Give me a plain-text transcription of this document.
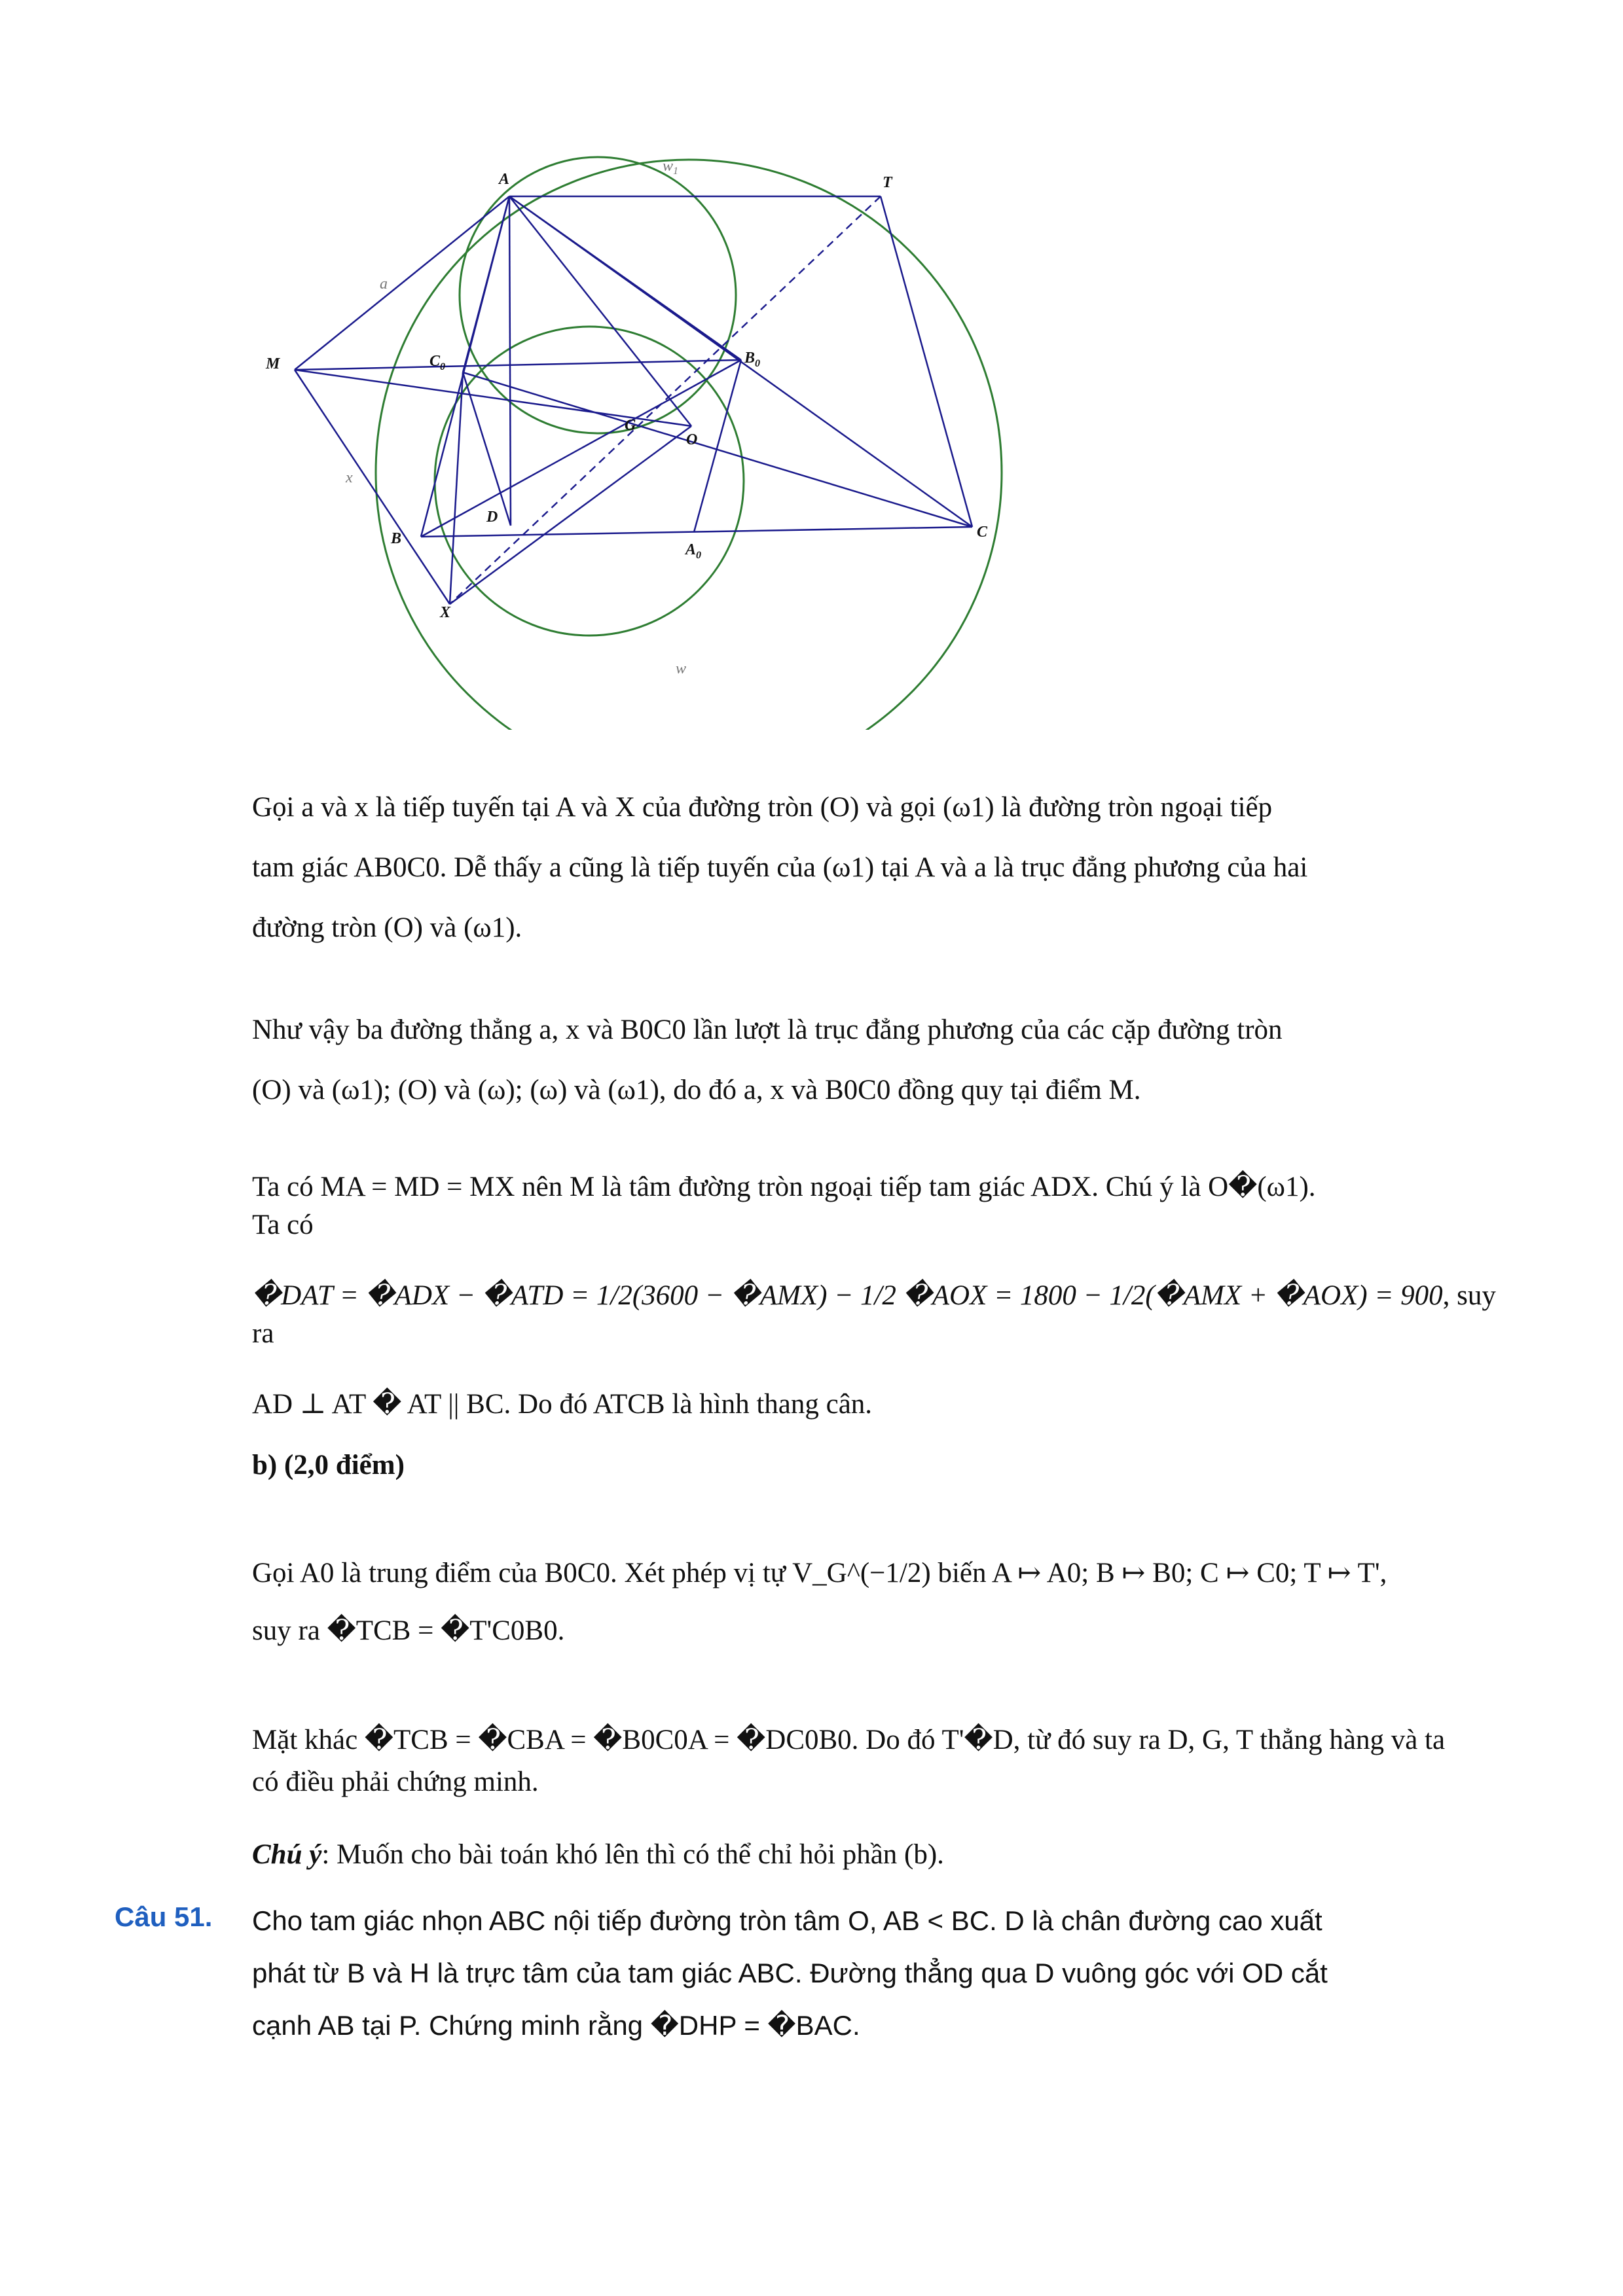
A	T
M	$C_0$
$B_0$
G
O
D
B
$A_0$
C
X
a
x
$w_1$
w
Gọi a và x là tiếp tuyến tại A và X của đường tròn (O) và gọi (ω1) là đường tròn ngoại tiếp
tam giác AB0C0. Dễ thấy a cũng là tiếp tuyến của (ω1) tại A và a là trục đẳng phương của hai
đường tròn (O) và (ω1).
Như vậy ba đường thẳng a, x và B0C0 lần lượt là trục đẳng phương của các cặp đường tròn
(O) và (ω1); (O) và (ω); (ω) và (ω1), do đó a, x và B0C0 đồng quy tại điểm M.
Ta có MA = MD = MX nên M là tâm đường tròn ngoại tiếp tam giác ADX. Chú ý là O�(ω1).
Ta có
�DAT = �ADX − �ATD = 1/2(3600 − �AMX) − 1/2 �AOX = 1800 − 1/2(�AMX + �AOX) = 900, suy ra
AD ⊥ AT � AT || BC. Do đó ATCB là hình thang cân.
b) (2,0 điểm)
Gọi A0 là trung điểm của B0C0. Xét phép vị tự V_G^(−1/2) biến A ↦ A0; B ↦ B0; C ↦ C0; T ↦ T',
suy ra �TCB = �T'C0B0.
Mặt khác �TCB = �CBA = �B0C0A = �DC0B0. Do đó T'�D, từ đó suy ra D, G, T thẳng hàng và ta
có điều phải chứng minh.
Chú ý: Muốn cho bài toán khó lên thì có thể chỉ hỏi phần (b).
Câu 51. Cho tam giác nhọn ABC nội tiếp đường tròn tâm O, AB < BC. D là chân đường cao xuất
phát từ B và H là trực tâm của tam giác ABC. Đường thẳng qua D vuông góc với OD cắt
cạnh AB tại P. Chứng minh rằng �DHP = �BAC.
